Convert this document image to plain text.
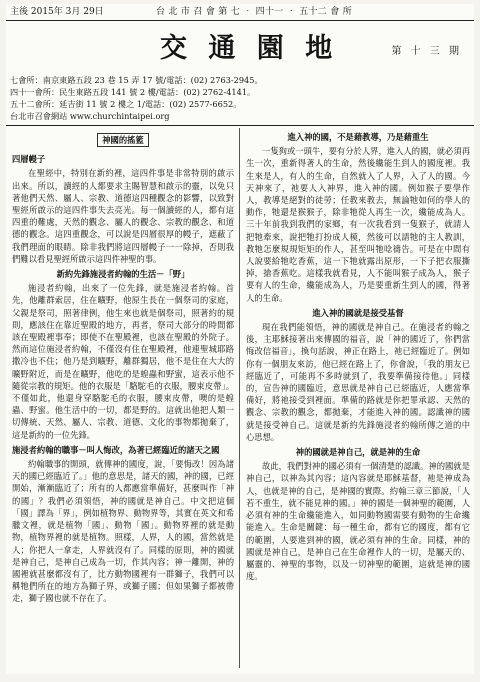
主後 2015年 3月 29日	台 北 市 召 會 第 七 ‧ 四十一 ‧ 五十二 會 所
交 通 園 地	第 十 三 期
七會所：南京東路五段 23 巷 15 弄 17 號/電話：(02) 2763-2945。
四十一會所：民生東路五段 141 號 2 樓/電話：(02) 2762-4141。
五十二會所：延吉街 11 號 2 樓之 1/電話：(02) 2577-6652。
台北市召會網站 www.churchintaipei.org
神國的搖籃
四層幔子

在聖經中，特別在新約裡，這四件事是非常特別的啟示出來。所以，讀經的人都要求主賜智慧和啟示的靈，以免只著他們天然、屬人、宗教、道德這四種觀念的影響，以致對聖經所啟示的這四件事失去亮光。每一個讀經的人，都有這四重的難處，天然的觀念、屬人的觀念、宗教的觀念、和道德的觀念。這四重觀念，可以說是四層很厚的幔子，遮蔽了我們理面的眼睛。除非我們將這四層幔子一一除掉，否則我們難以看見聖經所啟示這四件神聖的事。

新約先鋒施浸者約翰的生活－「野」

施浸者約翰，出來了一位先鋒，就是施浸者約翰。首先，他離群索居，住在曠野，他原生長在一個祭司的家庭，父親是祭司，照著律例，他生來也就是個祭司，照著約的規則，應該住在靠近聖殿的地方，再者，祭司大部分的時間都該在聖殿裡事奉；即使不在聖殿裡，也該在聖殿的外院子。然而這位施浸者約翰，不僅沒有住在聖殿裡，他連聖城耶路撒冷也不住；他乃是到曠野，離群獨居，他不是住在大大的曠野附近，而是在曠野，他吃的是蝗蟲和野蜜，這表示他不隨從宗教的規矩。他的衣服是「駱駝毛的衣服，腰束皮帶」。不僅如此，他還身穿駱駝毛的衣服，腰束皮帶，噢的是蝗蟲、野蜜。他生活中的一切，都是野的。這就出他把人類一切傳統、天然、屬人、宗教、道德、文化的事物都拋棄了，這是新約的一位先鋒。

施浸者約翰的職事－叫人悔改，為著已經臨近的諸天之國

約翰職事的開頭，就傳神的國度，說，「要悔改！因為諸天的國已經臨近了。」他的意思是，諸天的國，神的國，已經開始，漸漸臨近了；所有的人都應當準備好，甚麼叫作「神的國」？我們必須領悟，神的國就是神自己。中文把這個「國」譯為「界」，例如植物界、動物界等，其實在英文和希臘文裡，就是植物「國」、動物「國」。動物界裡的就是動物，植物界裡的就是植物。照樣，人界，人的國，當然就是人；你把人一拿走，人界就沒有了。同樣的原則，神的國就是神自己，是神自己成為一切，作其內容；神一離開，神的國裡就甚麼都沒有了，比方動物國裡有一群獅子，我們可以稱牠們所在的地方為獅子界，或獅子國；但如果獅子都被帶走，獅子國也就不存在了。

進入神的國，不是藉教導，乃是藉重生

一隻狗或一頭牛，要有分於人界，進入人的國，就必須再生一次，重新得著人的生命，然後纔能生到人的國度裡。我生來是人，有人的生命，自然就入了人界，入了人的國。今天神來了，祂要人入神界，進入神的國。例如猴子要學作人，教導是絕對的徒勞；任教來教去，無論牠如何的學人的動作，牠還是猴猴子，除非牠從人再生一次，纔能成為人。三十年前我到我們的家鄉，有一次我看到一隻猴子，就請人把牠牽來，說把牠打扮成人模，然後可以請牠的主人教訓，教牠怎麼規規矩矩的作人，甚至叫牠唸禱告。可是在中間有人說要給牠吃香蕉，這一下牠就露出原形，一下子把衣服撕掉，搶香蕉吃。這樣我就看見，人不能叫猴子成為人，猴子要有人的生命，纔能成為人，乃是要重新生到人的國，得著人的生命。

進入神的國就是接受基督

現在我們能領悟，神的國就是神自己。在施浸者約翰之後，主耶穌接著出來傳國的福音，說「神的國近了，你們當悔改信福音」，換句話說，神正在路上，祂已經臨近了。例如你有一個朋友來訪，他已經在路上了，你會說，「我的朋友已經臨近了，可能再不多時就到了，我要準備接待他。」同樣的，宣告神的國臨近，意思就是神自己已經臨近，人應當準備好，將祂接受到裡面。準備的路就是你把罪承認、天然的觀念、宗教的觀念，都拋棄，才能進入神的國。認識神的國就是接受神自己。這就是新約先鋒施浸者約翰所傳之道的中心思想。

神的國就是神自己，就是神的生命

故此，我們對神的國必須有一個清楚的認識。神的國就是神自己，以神為其內容；這內容就是耶穌基督，祂是神成為人，也就是神的自己，是神國的實際。約翰三章三節說，「人若不重生，就不能見神的國。」神的國是一個神聖的範圍，人必須有神的生命纔能進入，如同動物國需要有動物的生命纔能進入。生命是關鍵：每一種生命，都有它的國度，都有它的範圍，人要進到神的國，就必須有神的生命。同樣，神的國就是神自己，是神自己在生命裡作人的一切，是屬天的、屬靈的、神聖的事物，以及一切神聖的範圍，這就是神的國度。
